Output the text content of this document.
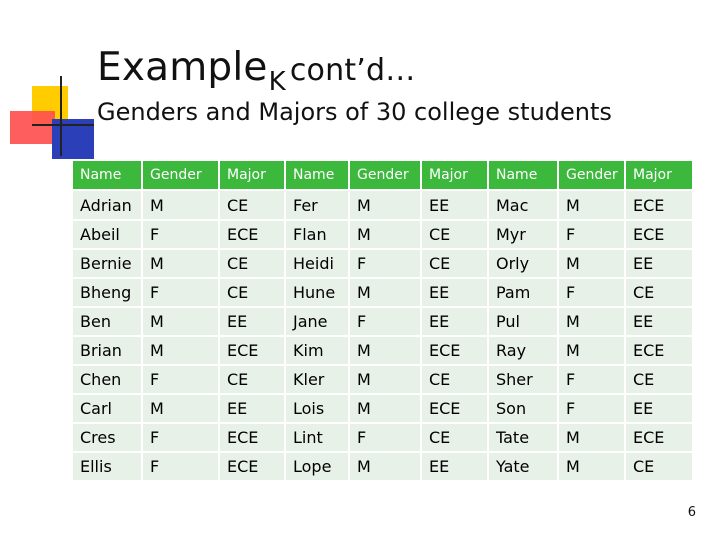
Example$_K$ cont’d…
Genders and Majors of 30 college students
Name	Gender	Major	Name	Gender	Major	Name	Gender	Major
Adrian	M	CE	Fer	M	EE	Mac	M	ECE
Abeil	F	ECE	Flan	M	CE	Myr	F	ECE
Bernie	M	CE	Heidi	F	CE	Orly	M	EE
Bheng	F	CE	Hune	M	EE	Pam	F	CE
Ben	M	EE	Jane	F	EE	Pul	M	EE
Brian	M	ECE	Kim	M	ECE	Ray	M	ECE
Chen	F	CE	Kler	M	CE	Sher	F	CE
Carl	M	EE	Lois	M	ECE	Son	F	EE
Cres	F	ECE	Lint	F	CE	Tate	M	ECE
Ellis	F	ECE	Lope	M	EE	Yate	M	CE
6
